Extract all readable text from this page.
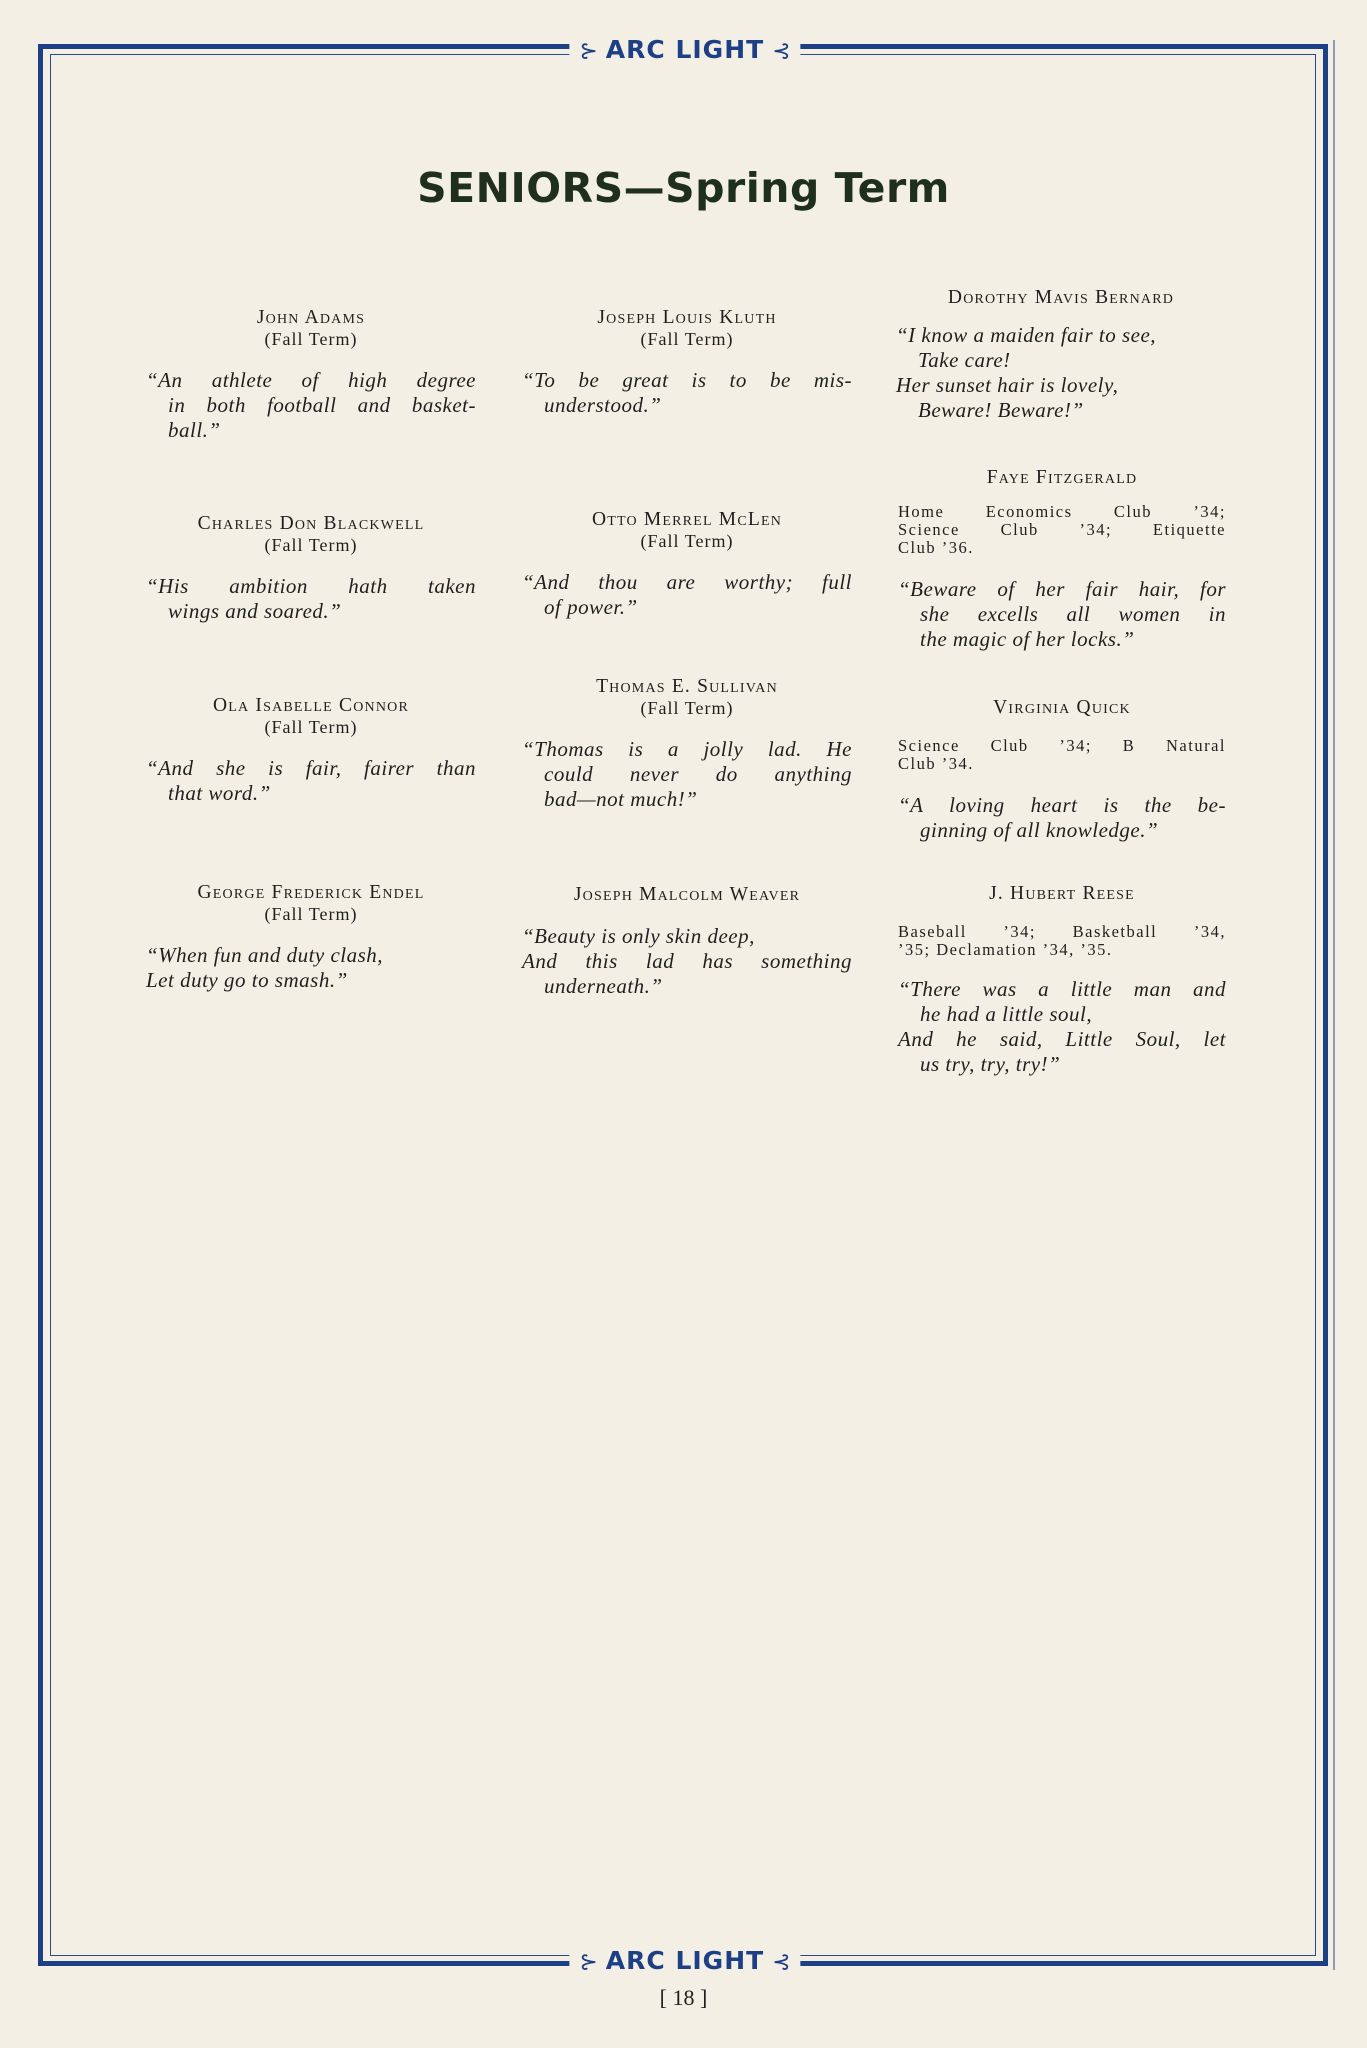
⊱ ARC LIGHT ⊰
SENIORS—Spring Term
John Adams
(Fall Term)
“An athlete of high degree
in both football and basket-
ball.”
Charles Don Blackwell
(Fall Term)
“His ambition hath taken
wings and soared.”
Ola Isabelle Connor
(Fall Term)
“And she is fair, fairer than
that word.”
George Frederick Endel
(Fall Term)
“When fun and duty clash,
Let duty go to smash.”
Joseph Louis Kluth
(Fall Term)
“To be great is to be mis-
understood.”
Otto Merrel McLen
(Fall Term)
“And thou are worthy; full
of power.”
Thomas E. Sullivan
(Fall Term)
“Thomas is a jolly lad. He
could never do anything
bad—not much!”
Joseph Malcolm Weaver
“Beauty is only skin deep,
And this lad has something
underneath.”
Dorothy Mavis Bernard
“I know a maiden fair to see,
Take care!
Her sunset hair is lovely,
Beware! Beware!”
Faye Fitzgerald
Home Economics Club ’34;
Science Club ’34; Etiquette
Club ’36.
“Beware of her fair hair, for
she excells all women in
the magic of her locks.”
Virginia Quick
Science Club ’34; B Natural
Club ’34.
“A loving heart is the be-
ginning of all knowledge.”
J. Hubert Reese
Baseball ’34; Basketball ’34,
’35; Declamation ’34, ’35.
“There was a little man and
he had a little soul,
And he said, Little Soul, let
us try, try, try!”
⊱ ARC LIGHT ⊰
[ 18 ]
